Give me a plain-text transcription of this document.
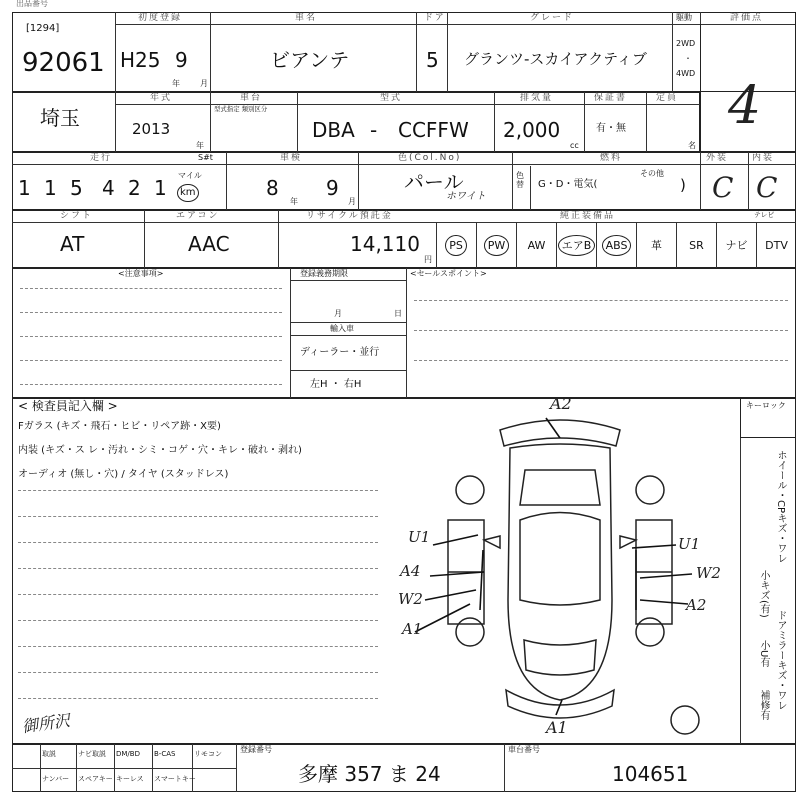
出品番号
[1294]
92061
初度登録
H25 9
年	月
車名
ビアンテ
ドア
5
グレード
グランツ-スカイアクティブ
駆動
2WD
・
4WD
評価点
埼玉
年式
2013
年
車台
型式指定 類別区分
型式
DBA - CCFFW
排気量
2,000
cc
保証書
有・無
定員
名
4
走行	S#t
1 1 5 4 2 1
マイル
km
車検
8 9
年	月
色(Col.No)
パール
ホワイト
色替
燃料
G・D・電気(
その他
)
外装
C
内装
C
シフト
AT
エアコン
AAC
リサイクル預託金
14,110
円
純正装備品	テレビ
PS	PW	AW	エアB	ABS	革 SR ナビ DTV
<注意事項>	登録義務期限	<セールスポイント>
月	日
輸入車
ディーラー・並行
左H ・ 右H
< 検査員記入欄 >
Fガラス (キズ・飛石・ヒビ・リペア跡・X要)
内装 (キズ・ス レ・汚れ・シミ・コゲ・穴・キレ・破れ・剥れ)
オーディオ (無し・穴) / タイヤ (スタッドレス)
御所沢
キーロック
ホイール・CPキズ・ワレ
小キズ(有)
ドアミラーキズ・ワレ
小U有
補修有
A2
A1
U1
A4
W2
A1
U1
W2
A2
取説	ナビ取説 DM/BD B-CAS	リモコン
ナンバー スペアキー キーレス スマートキー
登録番号
多摩 357 ま 24
車台番号
104651
